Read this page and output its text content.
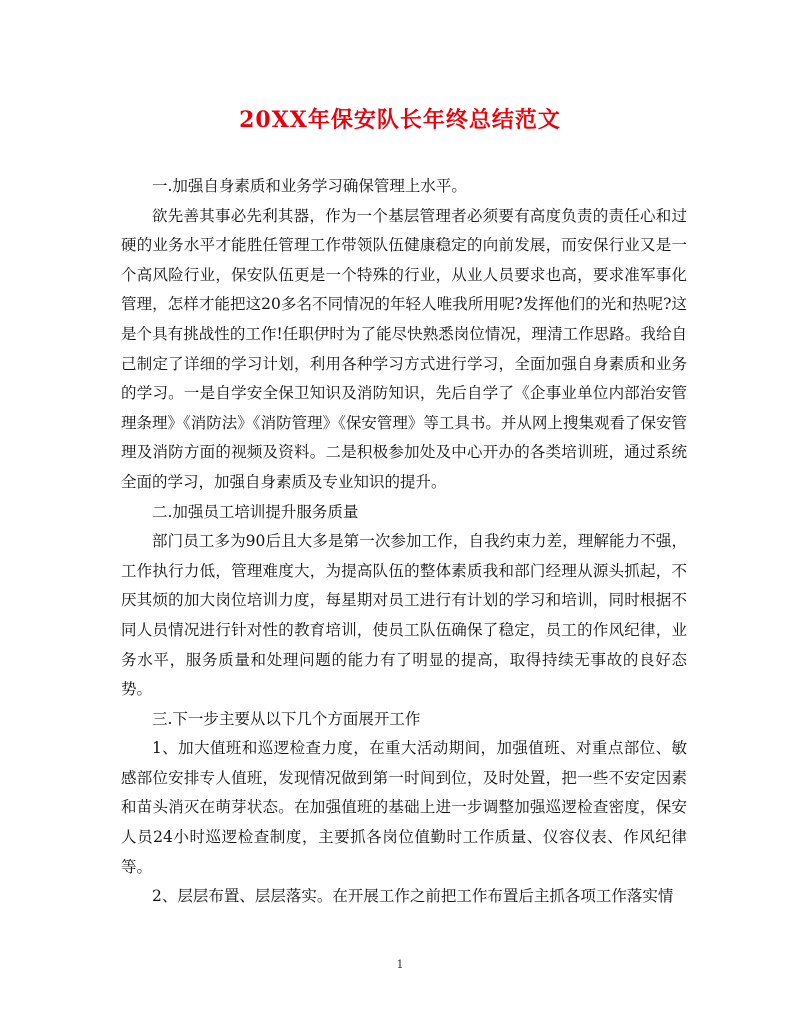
20XX年保安队长年终总结范文

一.加强自身素质和业务学习确保管理上水平。

欲先善其事必先利其器，作为一个基层管理者必须要有高度负责的责任心和过硬的业务水平才能胜任管理工作带领队伍健康稳定的向前发展，而安保行业又是一个高风险行业，保安队伍更是一个特殊的行业，从业人员要求也高，要求准军事化管理，怎样才能把这20多名不同情况的年轻人唯我所用呢?发挥他们的光和热呢?这是个具有挑战性的工作!任职伊时为了能尽快熟悉岗位情况，理清工作思路。我给自己制定了详细的学习计划，利用各种学习方式进行学习，全面加强自身素质和业务的学习。一是自学安全保卫知识及消防知识，先后自学了《企事业单位内部治安管理条理》《消防法》《消防管理》《保安管理》等工具书。并从网上搜集观看了保安管理及消防方面的视频及资料。二是积极参加处及中心开办的各类培训班，通过系统全面的学习，加强自身素质及专业知识的提升。

二.加强员工培训提升服务质量

部门员工多为90后且大多是第一次参加工作，自我约束力差，理解能力不强，工作执行力低，管理难度大，为提高队伍的整体素质我和部门经理从源头抓起，不厌其烦的加大岗位培训力度，每星期对员工进行有计划的学习和培训，同时根据不同人员情况进行针对性的教育培训，使员工队伍确保了稳定，员工的作风纪律，业务水平，服务质量和处理问题的能力有了明显的提高，取得持续无事故的良好态势。

三.下一步主要从以下几个方面展开工作

1、加大值班和巡逻检查力度，在重大活动期间，加强值班、对重点部位、敏感部位安排专人值班，发现情况做到第一时间到位，及时处置，把一些不安定因素和苗头消灭在萌芽状态。在加强值班的基础上进一步调整加强巡逻检查密度，保安人员24小时巡逻检查制度，主要抓各岗位值勤时工作质量、仪容仪表、作风纪律等。

2、层层布置、层层落实。在开展工作之前把工作布置后主抓各项工作落实情

1
